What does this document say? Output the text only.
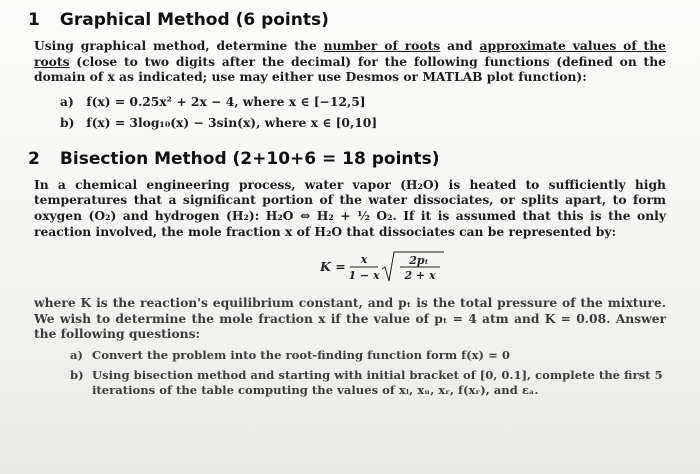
1 Graphical Method (6 points)

Using graphical method, determine the number of roots and approximate values of the roots (close to two digits after the decimal) for the following functions (defined on the domain of x as indicated; use may either use Desmos or MATLAB plot function):

a) f(x) = 0.25x² + 2x − 4, where x ∈ [−12,5]
b) f(x) = 3log₁₀(x) − 3sin(x), where x ∈ [0,10]
2 Bisection Method (2+10+6 = 18 points)

In a chemical engineering process, water vapor (H₂O) is heated to sufficiently high temperatures that a significant portion of the water dissociates, or splits apart, to form oxygen (O₂) and hydrogen (H₂): H₂O ⇔ H₂ + ½ O₂. If it is assumed that this is the only reaction involved, the mole fraction x of H₂O that dissociates can be represented by:

K = x
1 − x
2pₜ
2 + x

where K is the reaction's equilibrium constant, and pₜ is the total pressure of the mixture. We wish to determine the mole fraction x if the value of pₜ = 4 atm and K = 0.08. Answer the following questions:

a) Convert the problem into the root-finding function form f(x) = 0
b) Using bisection method and starting with initial bracket of [0, 0.1], complete the first 5 iterations of the table computing the values of xₗ, xᵤ, xᵣ, f(xᵣ), and εₐ.
